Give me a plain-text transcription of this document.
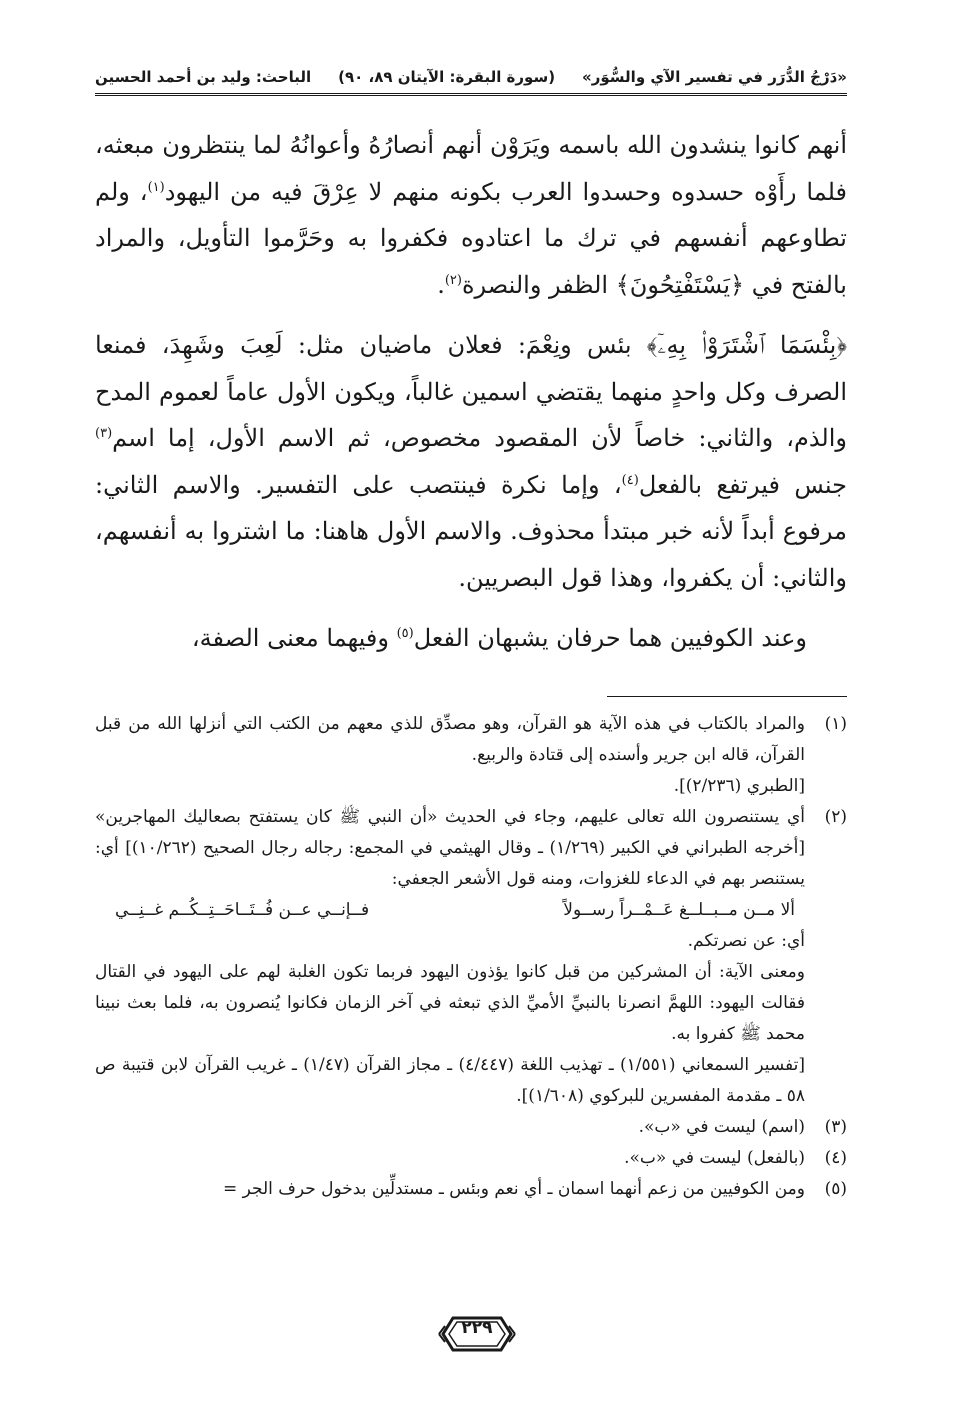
«دَرْجُ الدُّرَر في تفسير الآي والسُّوَر»
(سورة البقرة: الآيتان ٨٩، ٩٠)
الباحث: وليد بن أحمد الحسين

أنهم كانوا ينشدون الله باسمه ويَرَوْن أنهم أنصارُهُ وأعوانُهُ لما ينتظرون مبعثه، فلما رأَوْه حسدوه وحسدوا العرب بكونه منهم لا عِرْقَ فيه من اليهود$^{(١)}$، ولم تطاوعهم أنفسهم في ترك ما اعتادوه فكفروا به وحَرَّموا التأويل، والمراد بالفتح في ﴿يَسْتَفْتِحُونَ﴾ الظفر والنصرة$^{(٢)}$.

﴿بِئْسَمَا ٱشْتَرَوْا۟ بِهِۦٓ﴾ بئس ونِعْمَ: فعلان ماضيان مثل: لَعِبَ وشَهِدَ، فمنعا الصرف وكل واحدٍ منهما يقتضي اسمين غالباً، ويكون الأول عاماً لعموم المدح والذم، والثاني: خاصاً لأن المقصود مخصوص، ثم الاسم الأول، إما اسم$^{(٣)}$ جنس فيرتفع بالفعل$^{(٤)}$، وإما نكرة فينتصب على التفسير. والاسم الثاني: مرفوع أبداً لأنه خبر مبتدأ محذوف. والاسم الأول هاهنا: ما اشتروا به أنفسهم، والثاني: أن يكفروا، وهذا قول البصريين.

وعند الكوفيين هما حرفان يشبهان الفعل$^{(٥)}$ وفيهما معنى الصفة،

(١)

والمراد بالكتاب في هذه الآية هو القرآن، وهو مصدِّق للذي معهم من الكتب التي أنزلها الله من قبل القرآن، قاله ابن جرير وأسنده إلى قتادة والربيع.

[الطبري (٢/٢٣٦)].

(٢)

أي يستنصرون الله تعالى عليهم، وجاء في الحديث «أن النبي ﷺ كان يستفتح بصعاليك المهاجرين» [أخرجه الطبراني في الكبير (١/٢٦٩) ـ وقال الهيثمي في المجمع: رجاله رجال الصحيح (١٠/٢٦٢)] أي: يستنصر بهم في الدعاء للغزوات، ومنه قول الأشعر الجعفي:

ألا مــن مــبــلــغ عَــمْــراً رســولاً
فــإنــي عــن فُــتَــاحَــتِــكُــم غــنِــي

أي: عن نصرتكم.

ومعنى الآية: أن المشركين من قبل كانوا يؤذون اليهود فربما تكون الغلبة لهم على اليهود في القتال فقالت اليهود: اللهمَّ انصرنا بالنبيِّ الأميِّ الذي تبعثه في آخر الزمان فكانوا يُنصرون به، فلما بعث نبينا محمد ﷺ كفروا به.

[تفسير السمعاني (١/٥٥١) ـ تهذيب اللغة (٤/٤٤٧) ـ مجاز القرآن (١/٤٧) ـ غريب القرآن لابن قتيبة ص ٥٨ ـ مقدمة المفسرين للبركوي (١/٦٠٨)].

(٣)

(اسم) ليست في «ب».

(٤)

(بالفعل) ليست في «ب».

(٥)

ومن الكوفيين من زعم أنهما اسمان ـ أي نعم وبئس ـ مستدلِّين بدخول حرف الجر =

٢٢٩
